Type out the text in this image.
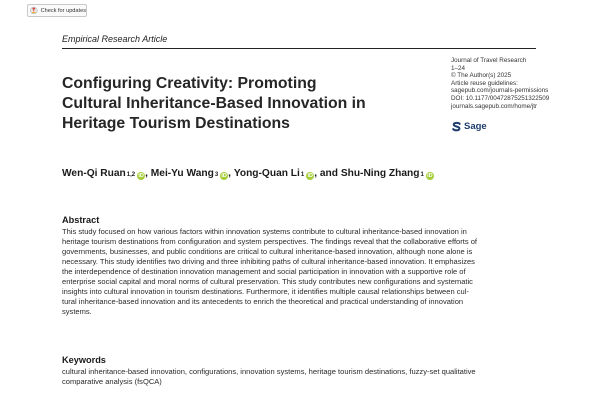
Check for updates
Empirical Research Article
Configuring Creativity: Promoting
Cultural Inheritance-Based Innovation in
Heritage Tourism Destinations
Journal of Travel Research
1–24
© The Author(s) 2025
Article reuse guidelines:
sagepub.com/journals-permissions
DOI: 10.1177/00472875251322509
journals.sagepub.com/home/jtr
Sage
Wen-Qi Ruan 1,2 iD , Mei-Yu Wang 3 iD , Yong-Quan Li 1 iD , and Shu-Ning Zhang 1 iD
Abstract
This study focused on how various factors within innovation systems contribute to cultural inheritance-based innovation in
heritage tourism destinations from configuration and system perspectives. The findings reveal that the collaborative efforts of
governments, businesses, and public conditions are critical to cultural inheritance-based innovation, although none alone is
necessary. This study identifies two driving and three inhibiting paths of cultural inheritance-based innovation. It emphasizes
the interdependence of destination innovation management and social participation in innovation with a supportive role of
enterprise social capital and moral norms of cultural preservation. This study contributes new configurations and systematic
insights into cultural innovation in tourism destinations. Furthermore, it identifies multiple causal relationships between cul-
tural inheritance-based innovation and its antecedents to enrich the theoretical and practical understanding of innovation
systems.
Keywords
cultural inheritance-based innovation, configurations, innovation systems, heritage tourism destinations, fuzzy-set qualitative
comparative analysis (fsQCA)
